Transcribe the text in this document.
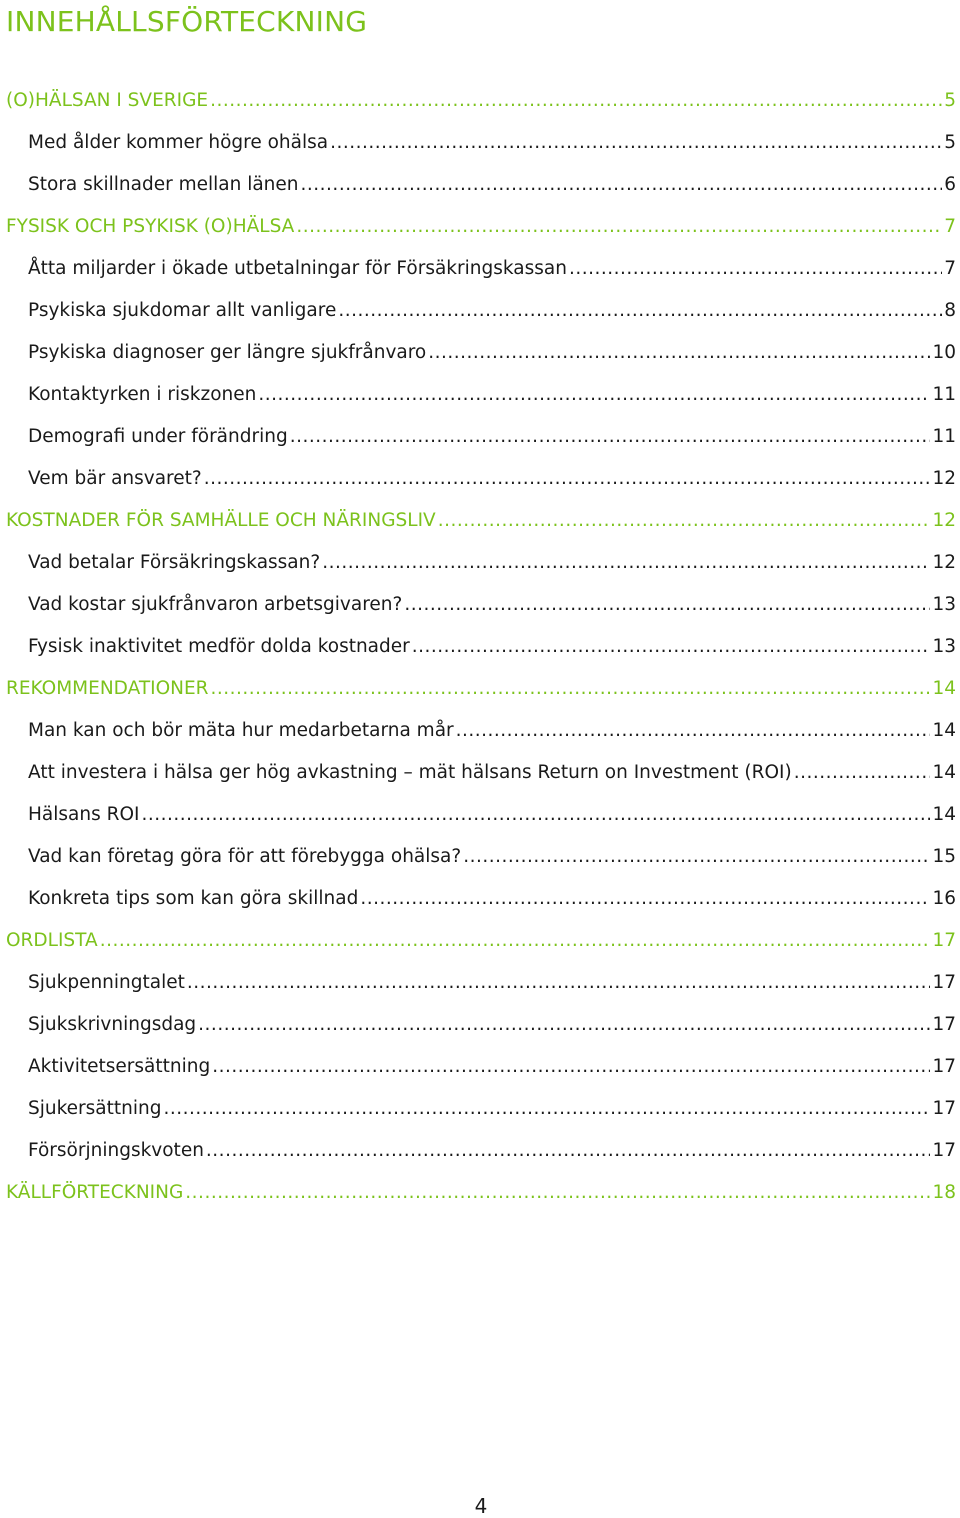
INNEHÅLLSFÖRTECKNING
(O)HÄLSAN I SVERIGE .....	5
Med ålder kommer högre ohälsa .....	5
Stora skillnader mellan länen .....	6
FYSISK OCH PSYKISK (O)HÄLSA .....	7
Åtta miljarder i ökade utbetalningar för Försäkringskassan .....	7
Psykiska sjukdomar allt vanligare .....	8
Psykiska diagnoser ger längre sjukfrånvaro .....	10
Kontaktyrken i riskzonen .....	11
Demografi under förändring .....	11
Vem bär ansvaret? .....	12
KOSTNADER FÖR SAMHÄLLE OCH NÄRINGSLIV .....	12
Vad betalar Försäkringskassan? .....	12
Vad kostar sjukfrånvaron arbetsgivaren? .....	13
Fysisk inaktivitet medför dolda kostnader .....	13
REKOMMENDATIONER .....	14
Man kan och bör mäta hur medarbetarna mår .....	14
Att investera i hälsa ger hög avkastning – mät hälsans Return on Investment (ROI) .....	14
Hälsans ROI .....	14
Vad kan företag göra för att förebygga ohälsa? .....	15
Konkreta tips som kan göra skillnad .....	16
ORDLISTA .....	17
Sjukpenningtalet .....	17
Sjukskrivningsdag .....	17
Aktivitetsersättning .....	17
Sjukersättning .....	17
Försörjningskvoten .....	17
KÄLLFÖRTECKNING .....	18
4
